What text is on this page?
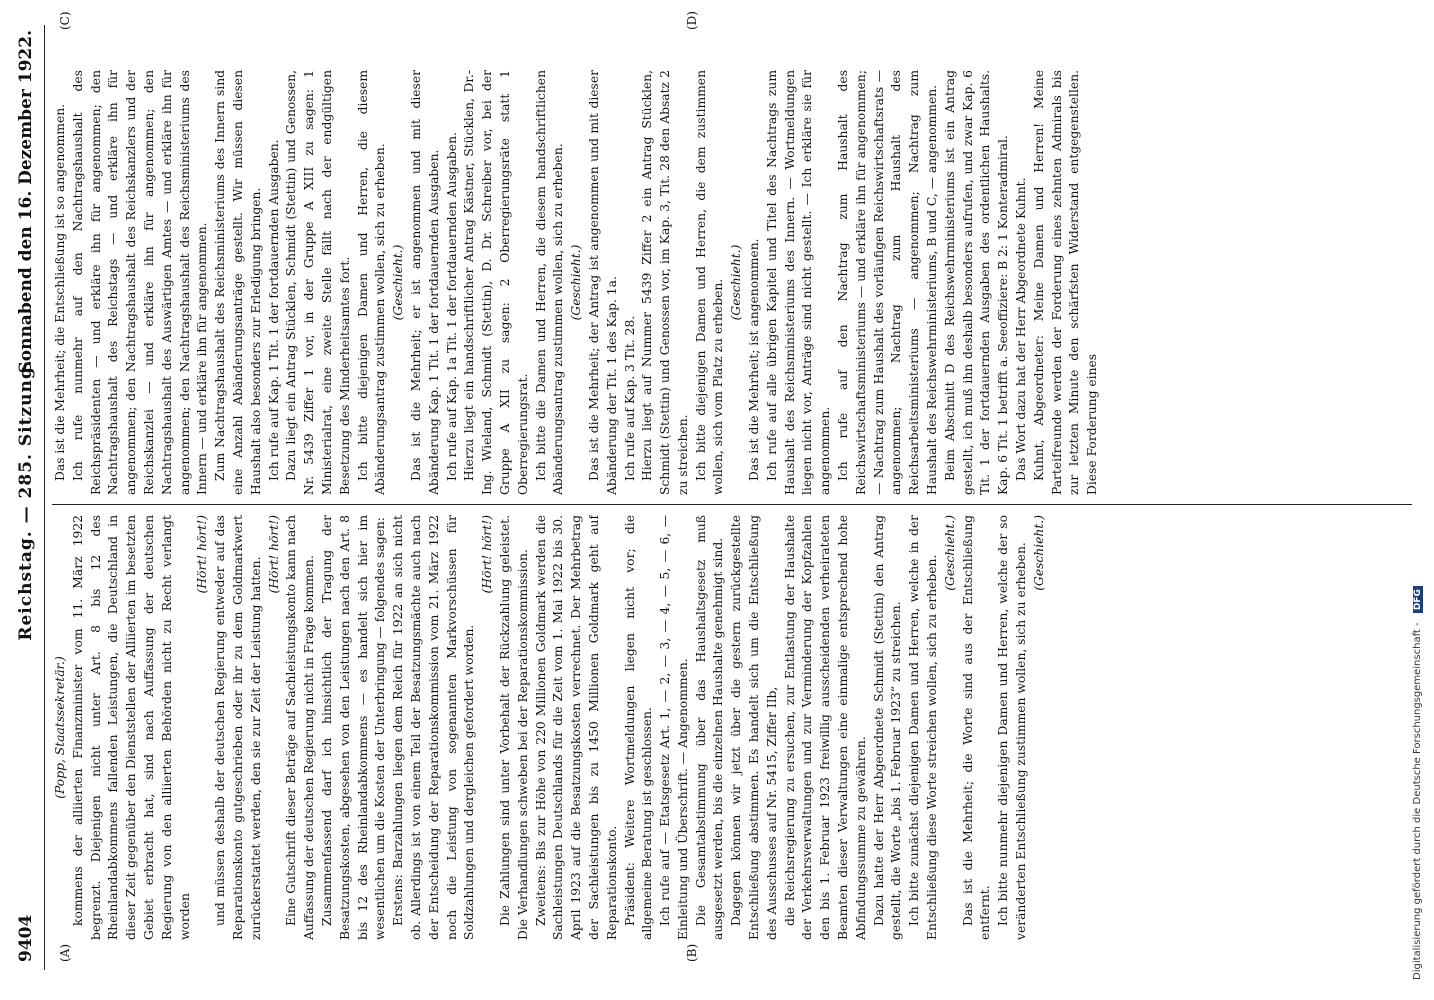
9404
Reichstag. — 285. Sitzung.
Sonnabend den 16. Dezember 1922.
(A)	(B)
(C)	(D)

(Popp, Staatssekretär.) kommens der alliierten Finanzminister vom 11. März 1922 begrenzt. Diejenigen nicht unter Art. 8 bis 12 des Rheinlandabkommens fallenden Leistungen, die Deutschland in dieser Zeit gegenüber den Dienststellen der Alliierten im besetzten Gebiet erbracht hat, sind nach Auffassung der deutschen Regierung von den alliierten Behörden nicht zu Recht verlangt worden

(Hört! hört!) und müssen deshalb der deutschen Regierung entweder auf das Reparationskonto gutgeschrieben oder ihr zu dem Goldmarkwert zurückerstattet werden, den sie zur Zeit der Leistung hatten.

(Hört! hört!) Eine Gutschrift dieser Beträge auf Sachleistungskonto kann nach Auffassung der deutschen Regierung nicht in Frage kommen. Zusammenfassend darf ich hinsichtlich der Tragung der Besatzungskosten, abgesehen von den Leistungen nach den Art. 8 bis 12 des Rheinlandabkommens — es handelt sich hier im wesentlichen um die Kosten der Unterbringung — folgendes sagen: Erstens: Barzahlungen liegen dem Reich für 1922 an sich nicht ob. Allerdings ist von einem Teil der Besatzungsmächte auch nach der Entscheidung der Reparationskommission vom 21. März 1922 noch die Leistung von sogenannten Markvorschüssen für Soldzahlungen und dergleichen gefordert worden.

(Hört! hört!) Die Zahlungen sind unter Vorbehalt der Rückzahlung geleistet. Die Verhandlungen schweben bei der Reparationskommission. Zweitens: Bis zur Höhe von 220 Millionen Goldmark werden die Sachleistungen Deutschlands für die Zeit vom 1. Mai 1922 bis 30. April 1923 auf die Besatzungskosten verrechnet. Der Mehrbetrag der Sachleistungen bis zu 1450 Millionen Goldmark geht auf Reparationskonto. Präsident: Weitere Wortmeldungen liegen nicht vor; die allgemeine Beratung ist geschlossen. Ich rufe auf — Etatsgesetz Art. 1, — 2, — 3, — 4, — 5, — 6, — Einleitung und Überschrift. — Angenommen. Die Gesamtabstimmung über das Haushaltsgesetz muß ausgesetzt werden, bis die einzelnen Haushalte genehmigt sind. Dagegen können wir jetzt über die gestern zurückgestellte Entschließung abstimmen. Es handelt sich um die Entschließung des Ausschusses auf Nr. 5415, Ziffer IIb, die Reichsregierung zu ersuchen, zur Entlastung der Haushalte der Verkehrsverwaltungen und zur Verminderung der Kopfzahlen den bis 1. Februar 1923 freiwillig ausscheidenden verheirateten Beamten dieser Verwaltungen eine einmalige entsprechend hohe Abfindungssumme zu gewähren. Dazu hatte der Herr Abgeordnete Schmidt (Stettin) den Antrag gestellt, die Worte „bis 1. Februar 1923“ zu streichen. Ich bitte zunächst diejenigen Damen und Herren, welche in der Entschließung diese Worte streichen wollen, sich zu erheben.

(Geschieht.) Das ist die Mehrheit; die Worte sind aus der Entschließung entfernt. Ich bitte nunmehr diejenigen Damen und Herren, welche der so veränderten Entschließung zustimmen wollen, sich zu erheben. (Geschieht.)

Das ist die Mehrheit; die Entschließung ist so angenommen. Ich rufe nunmehr auf den Nachtragshaushalt des Reichspräsidenten — und erkläre ihn für angenommen; den Nachtragshaushalt des Reichstags — und erkläre ihn für angenommen; den Nachtragshaushalt des Reichskanzlers und der Reichskanzlei — und erkläre ihn für angenommen; den Nachtragshaushalt des Auswärtigen Amtes — und erkläre ihn für angenommen; den Nachtragshaushalt des Reichsministeriums des Innern — und erkläre ihn für angenommen. Zum Nachtragshaushalt des Reichsministeriums des Innern sind eine Anzahl Abänderungsanträge gestellt. Wir müssen diesen Haushalt also besonders zur Erledigung bringen. Ich rufe auf Kap. 1 Tit. 1 der fortdauernden Ausgaben. Dazu liegt ein Antrag Stücklen, Schmidt (Stettin) und Genossen, Nr. 5439 Ziffer 1 vor, in der Gruppe A XIII zu sagen: 1 Ministerialrat, eine zweite Stelle fällt nach der endgültigen Besetzung des Minderheitsamtes fort. Ich bitte diejenigen Damen und Herren, die diesem Abänderungsantrag zustimmen wollen, sich zu erheben. (Geschieht.) Das ist die Mehrheit; er ist angenommen und mit dieser Abänderung Kap. 1 Tit. 1 der fortdauernden Ausgaben. Ich rufe auf Kap. 1a Tit. 1 der fortdauernden Ausgaben. Hierzu liegt ein handschriftlicher Antrag Kästner, Stücklen, Dr.-Ing. Wieland, Schmidt (Stettin), D. Dr. Schreiber vor, bei der Gruppe A XII zu sagen: 2 Oberregierungsräte statt 1 Oberregierungsrat. Ich bitte die Damen und Herren, die diesem handschriftlichen Abänderungsantrag zustimmen wollen, sich zu erheben. (Geschieht.) Das ist die Mehrheit; der Antrag ist angenommen und mit dieser Abänderung der Tit. 1 des Kap. 1a. Ich rufe auf Kap. 3 Tit. 28. Hierzu liegt auf Nummer 5439 Ziffer 2 ein Antrag Stücklen, Schmidt (Stettin) und Genossen vor, im Kap. 3, Tit. 28 den Absatz 2 zu streichen. Ich bitte diejenigen Damen und Herren, die dem zustimmen wollen, sich vom Platz zu erheben. (Geschieht.) Das ist die Mehrheit; ist angenommen. Ich rufe auf alle übrigen Kapitel und Titel des Nachtrags zum Haushalt des Reichsministeriums des Innern. — Wortmeldungen liegen nicht vor, Anträge sind nicht gestellt. — Ich erkläre sie für angenommen. Ich rufe auf den Nachtrag zum Haushalt des Reichswirtschaftsministeriums — und erkläre ihn für angenommen; — Nachtrag zum Haushalt des vorläufigen Reichswirtschaftsrats — angenommen; Nachtrag zum Haushalt des Reichsarbeitsministeriums — angenommen; Nachtrag zum Haushalt des Reichswehrministeriums, B und C, — angenommen. Beim Abschnitt D des Reichswehrministeriums ist ein Antrag gestellt, ich muß ihn deshalb besonders aufrufen, und zwar Kap. 6 Tit. 1 der fortdauernden Ausgaben des ordentlichen Haushalts. Kap. 6 Tit. 1 betrifft a. Seeoffiziere: B 2: 1 Konteradmiral. Das Wort dazu hat der Herr Abgeordnete Kuhnt. Kuhnt, Abgeordneter: Meine Damen und Herren! Meine Parteifreunde werden der Forderung eines zehnten Admirals bis zur letzten Minute den schärfsten Widerstand entgegenstellen. Diese Forderung eines

Digitalisierung gefördert durch die Deutsche Forschungsgemeinschaft - DFG
